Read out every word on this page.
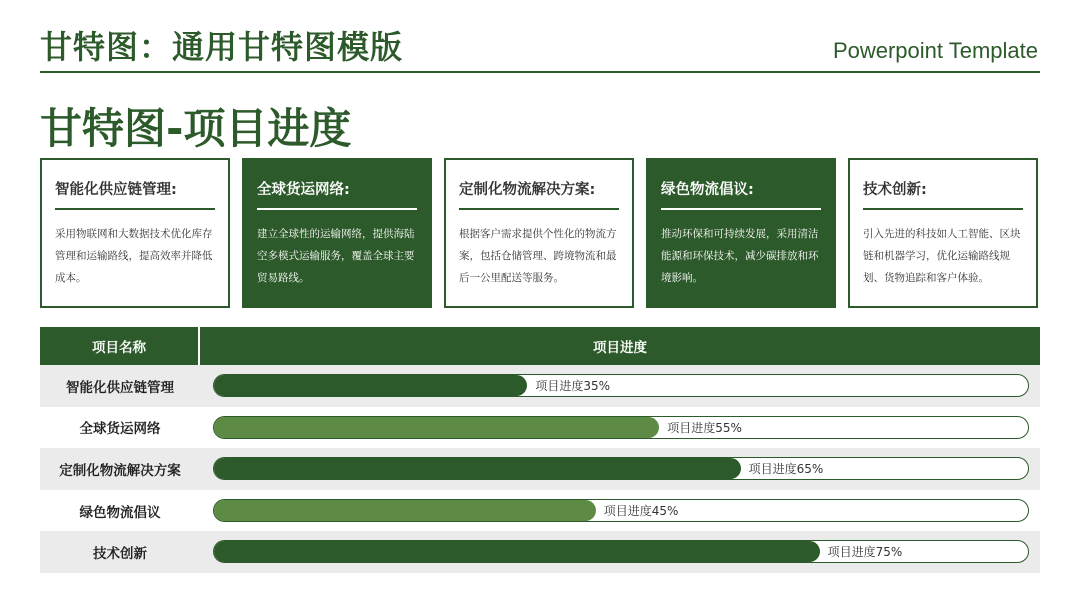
甘特图：通用甘特图模版	Powerpoint Template
甘特图-项目进度
智能化供应链管理:
采用物联网和大数据技术优化库存管理和运输路线，提高效率并降低成本。
全球货运网络:
建立全球性的运输网络，提供海陆空多模式运输服务，覆盖全球主要贸易路线。
定制化物流解决方案:
根据客户需求提供个性化的物流方案，包括仓储管理、跨境物流和最后一公里配送等服务。
绿色物流倡议:
推动环保和可持续发展，采用清洁能源和环保技术，减少碳排放和环境影响。
技术创新:
引入先进的科技如人工智能、区块链和机器学习，优化运输路线规划、货物追踪和客户体验。
项目名称	项目进度
智能化供应链管理	项目进度35%
全球货运网络	项目进度55%
定制化物流解决方案	项目进度65%
绿色物流倡议	项目进度45%
技术创新	项目进度75%
